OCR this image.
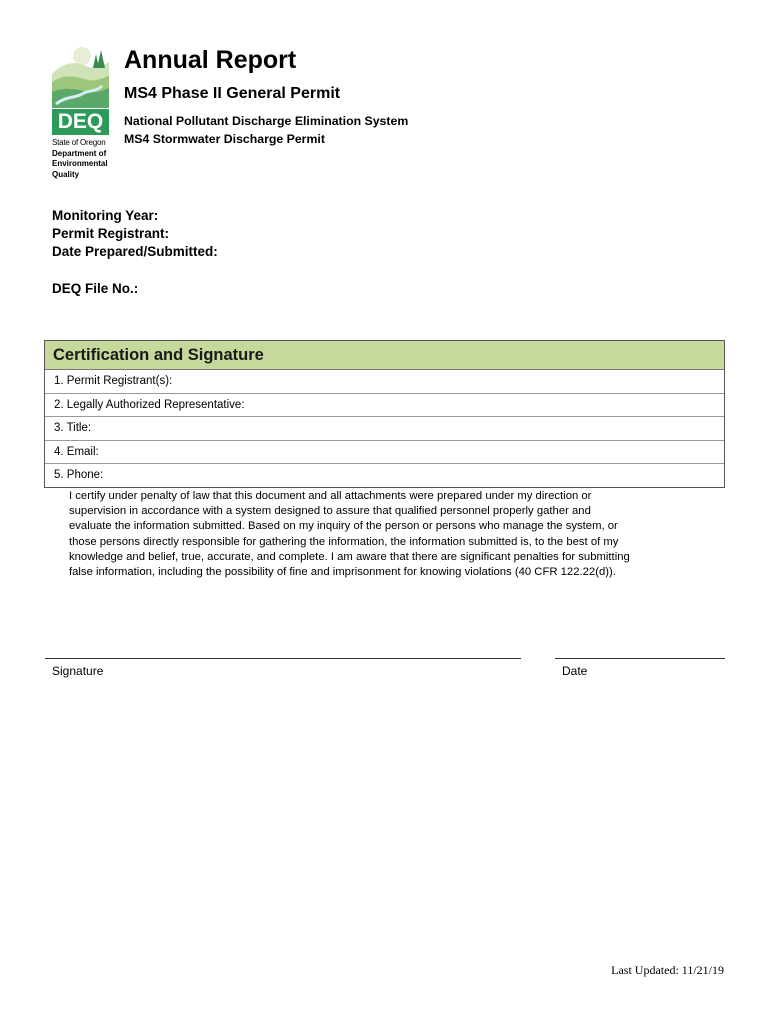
DEQ
State of Oregon
Department of
Environmental
Quality
Annual Report
MS4 Phase II General Permit
National Pollutant Discharge Elimination System
MS4 Stormwater Discharge Permit
Monitoring Year:
Permit Registrant:
Date Prepared/Submitted:
DEQ File No.:
Certification and Signature
1. Permit Registrant(s):
2. Legally Authorized Representative:
3. Title:
4. Email:
5. Phone:
I certify under penalty of law that this document and all attachments were prepared under my direction or
supervision in accordance with a system designed to assure that qualified personnel properly gather and
evaluate the information submitted. Based on my inquiry of the person or persons who manage the system, or
those persons directly responsible for gathering the information, the information submitted is, to the best of my
knowledge and belief, true, accurate, and complete. I am aware that there are significant penalties for submitting
false information, including the possibility of fine and imprisonment for knowing violations (40 CFR 122.22(d)).
Signature	Date
Last Updated: 11/21/19
